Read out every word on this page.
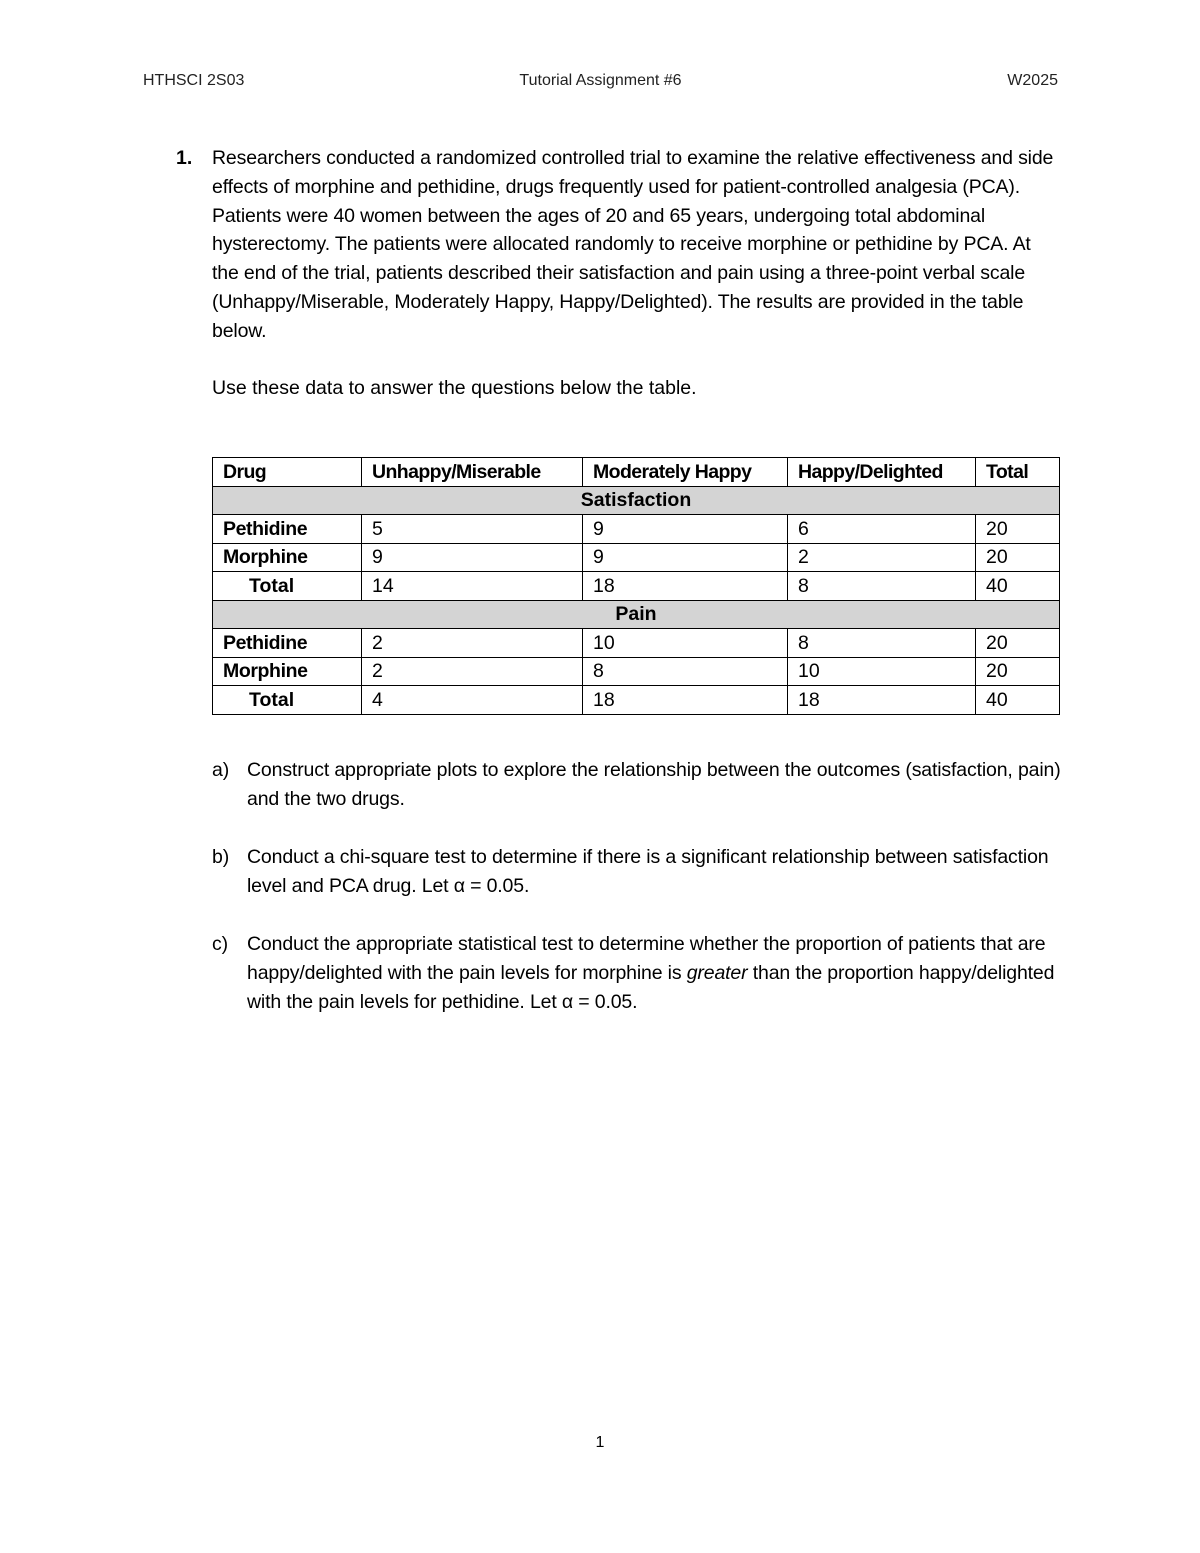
HTHSCI 2S03	Tutorial Assignment #6	W2025
1. Researchers conducted a randomized controlled trial to examine the relative effectiveness and side effects of morphine and pethidine, drugs frequently used for patient-controlled analgesia (PCA). Patients were 40 women between the ages of 20 and 65 years, undergoing total abdominal hysterectomy. The patients were allocated randomly to receive morphine or pethidine by PCA. At the end of the trial, patients described their satisfaction and pain using a three-point verbal scale (Unhappy/Miserable, Moderately Happy, Happy/Delighted). The results are provided in the table below.

Use these data to answer the questions below the table.

Drug	Unhappy/Miserable	Moderately Happy	Happy/Delighted	Total
Satisfaction				
Pethidine	5	9	6	20
Morphine	9	9	2	20
Total	14	18	8	40
Pain				
Pethidine	2	10	8	20
Morphine	2	8	10	20
Total	4	18	18	40
a) Construct appropriate plots to explore the relationship between the outcomes (satisfaction, pain) and the two drugs.
b) Conduct a chi-square test to determine if there is a significant relationship between satisfaction level and PCA drug. Let α = 0.05.
c) Conduct the appropriate statistical test to determine whether the proportion of patients that are happy/delighted with the pain levels for morphine is greater than the proportion happy/delighted with the pain levels for pethidine. Let α = 0.05.
1
